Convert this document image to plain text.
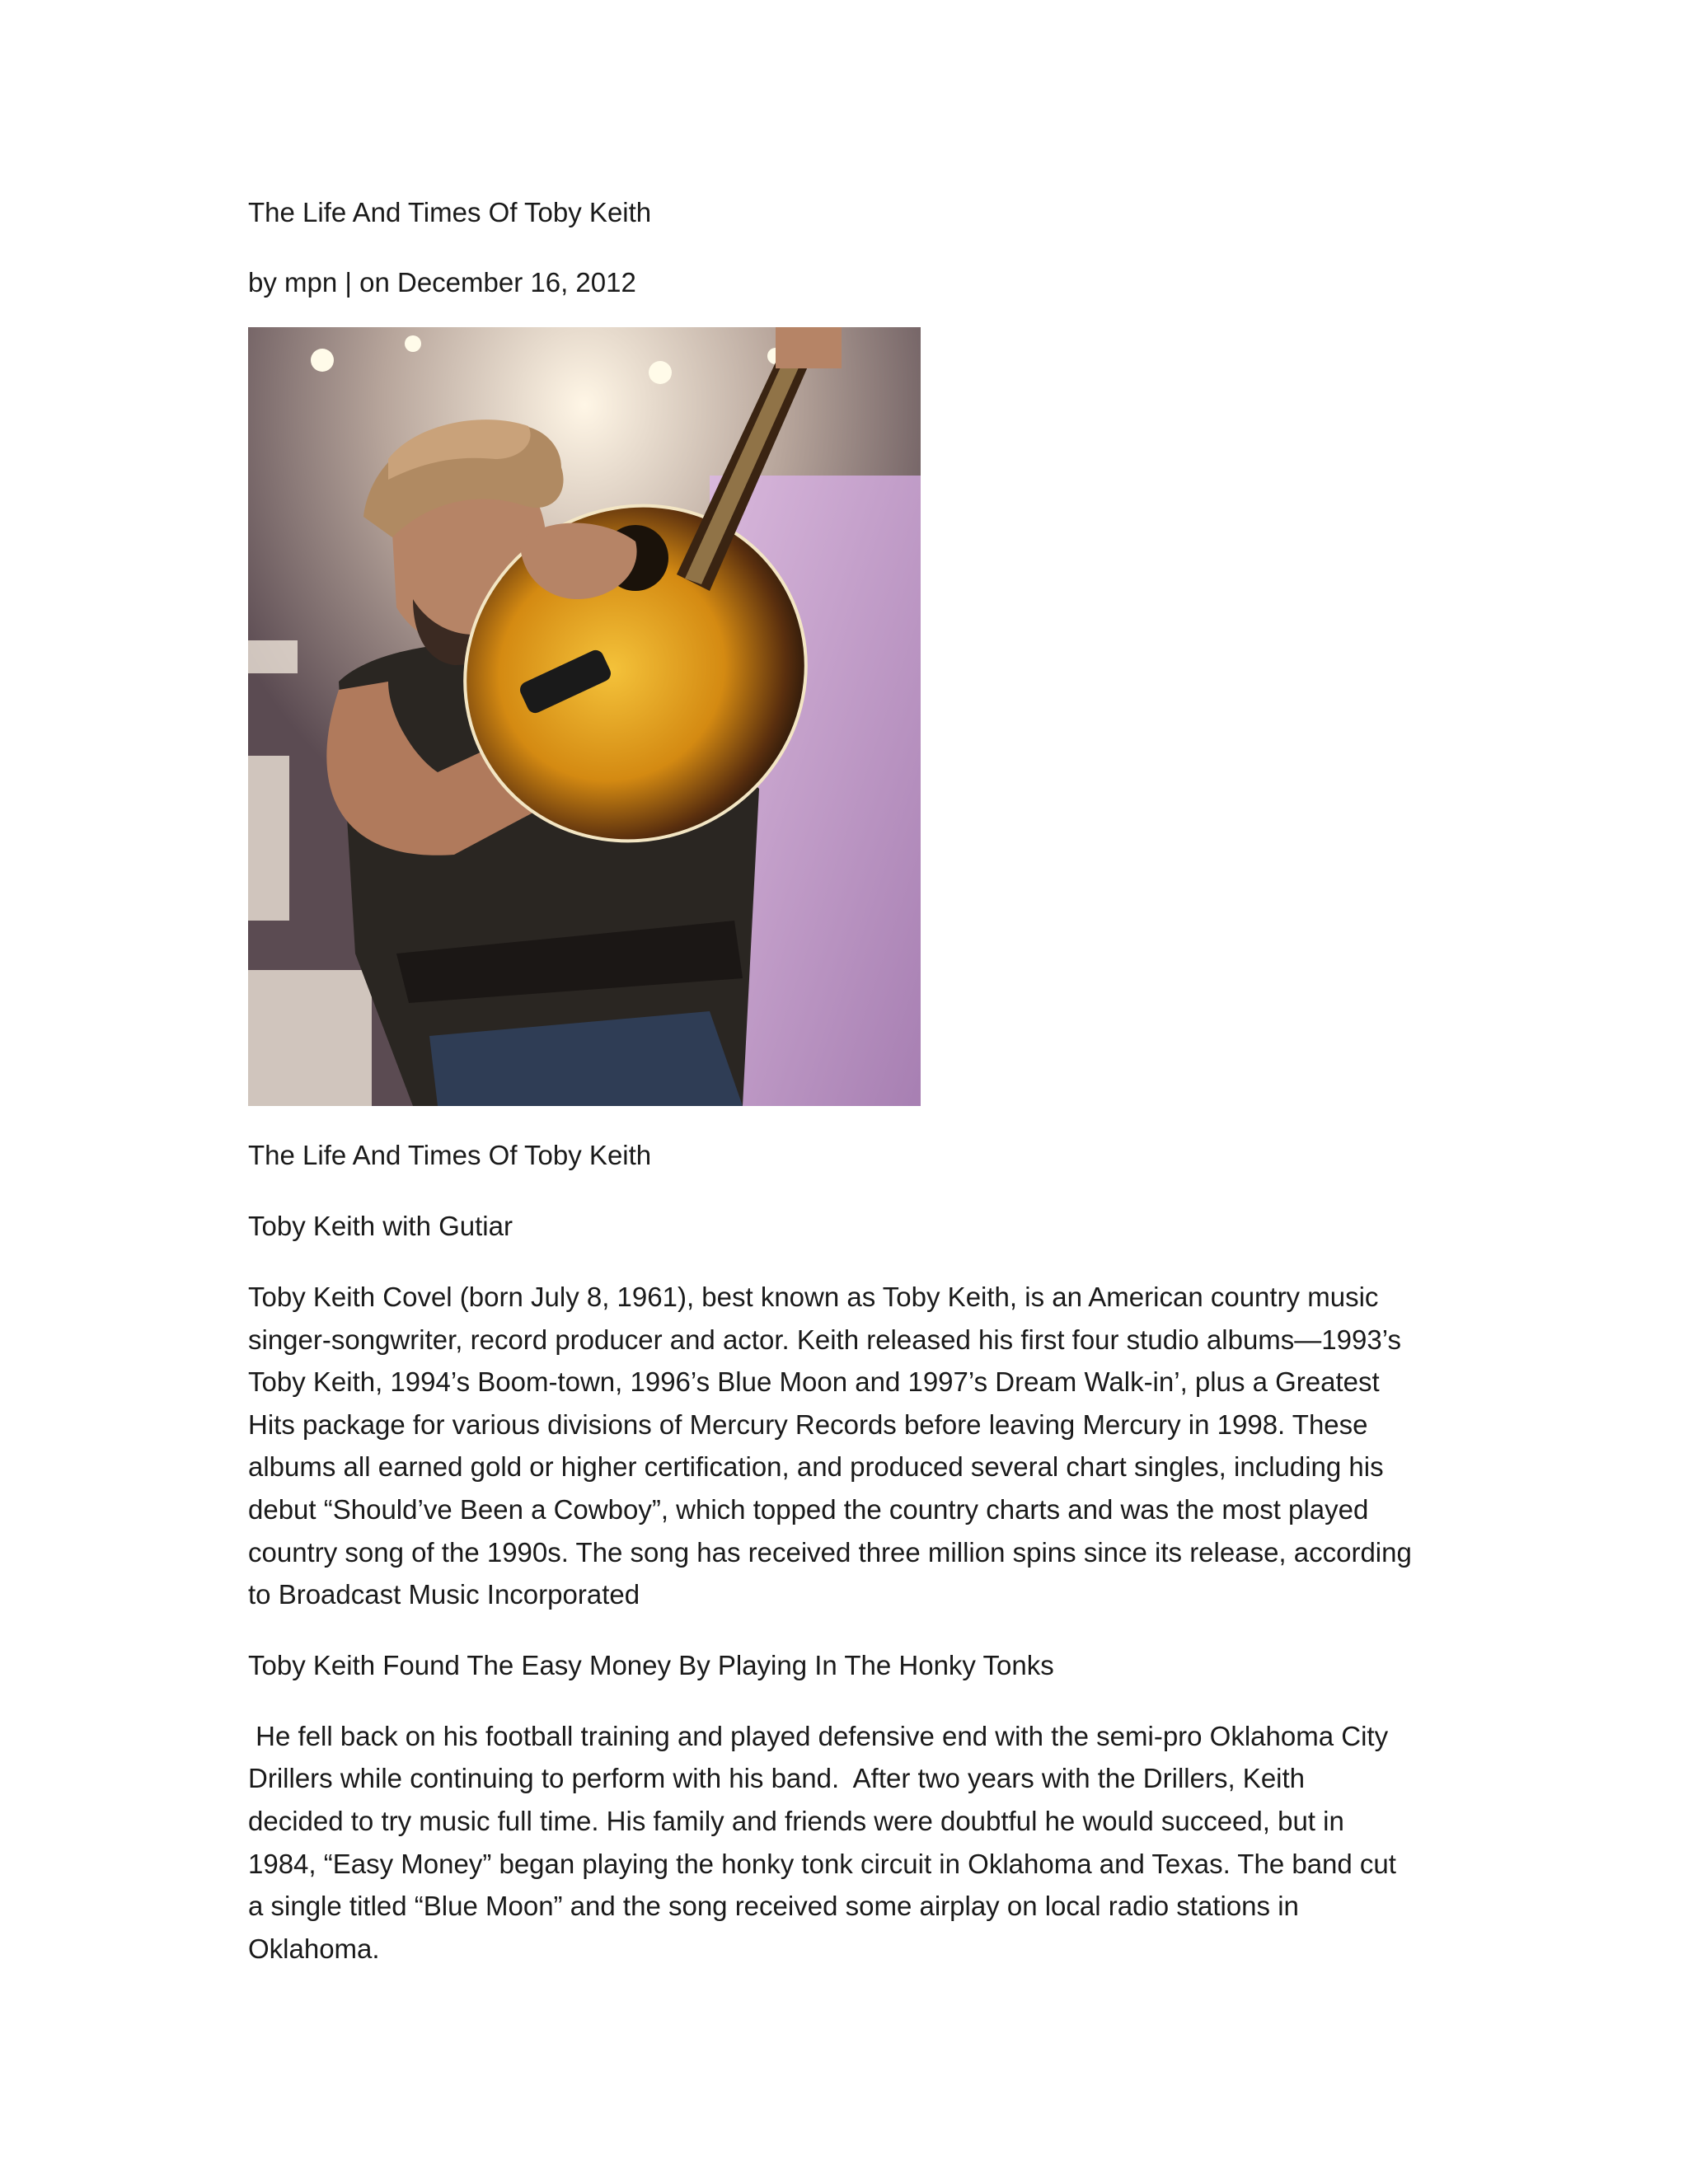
The Life And Times Of Toby Keith

by mpn | on December 16, 2012

The Life And Times Of Toby Keith

Toby Keith with Gutiar

Toby Keith Covel (born July 8, 1961), best known as Toby Keith, is an American country music
singer-songwriter, record producer and actor. Keith released his first four studio albums—1993’s
Toby Keith, 1994’s Boom-town, 1996’s Blue Moon and 1997’s Dream Walk-in’, plus a Greatest
Hits package for various divisions of Mercury Records before leaving Mercury in 1998. These
albums all earned gold or higher certification, and produced several chart singles, including his
debut “Should’ve Been a Cowboy”, which topped the country charts and was the most played
country song of the 1990s. The song has received three million spins since its release, according
to Broadcast Music Incorporated

Toby Keith Found The Easy Money By Playing In The Honky Tonks

He fell back on his football training and played defensive end with the semi-pro Oklahoma City
Drillers while continuing to perform with his band.  After two years with the Drillers, Keith
decided to try music full time. His family and friends were doubtful he would succeed, but in
1984, “Easy Money” began playing the honky tonk circuit in Oklahoma and Texas. The band cut
a single titled “Blue Moon” and the song received some airplay on local radio stations in
Oklahoma.
